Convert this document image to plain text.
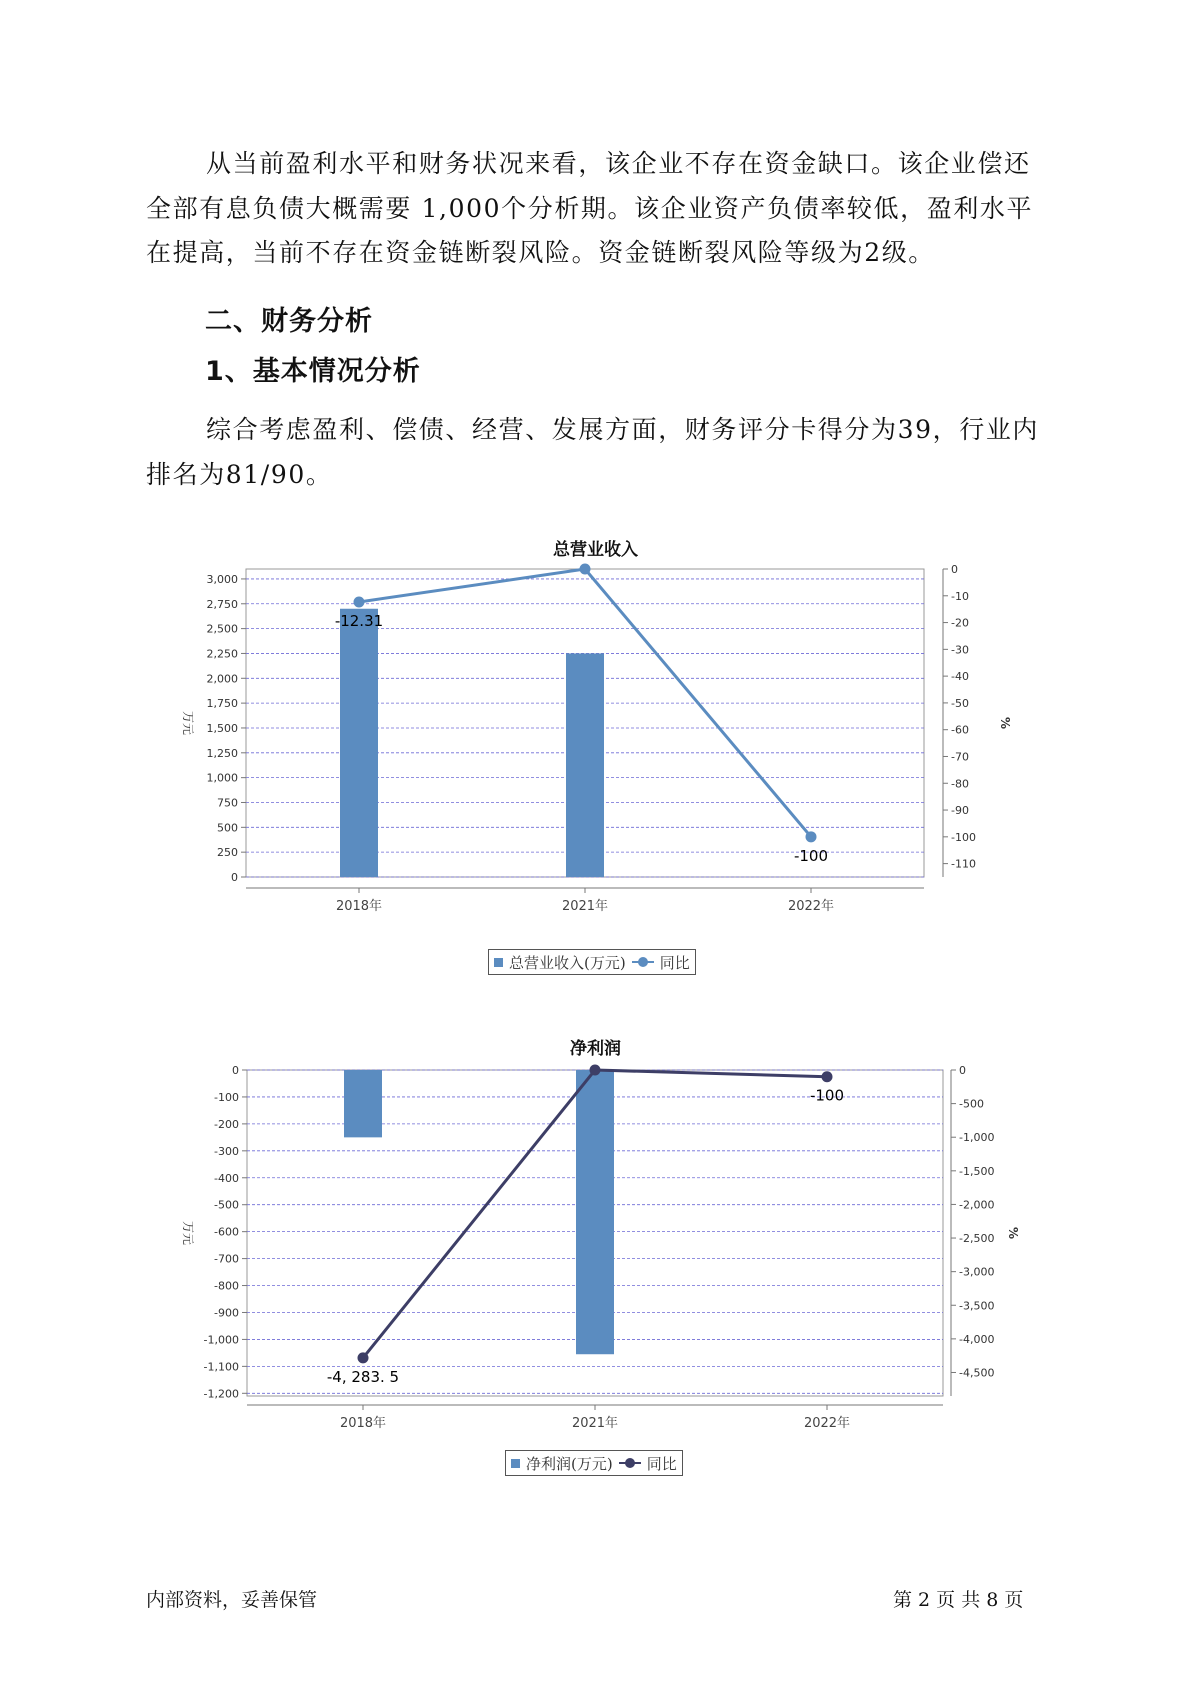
从当前盈利水平和财务状况来看，该企业不存在资金缺口。该企业偿还全部有息负债大概需要 1,000个分析期。该企业资产负债率较低，盈利水平在提高，当前不存在资金链断裂风险。资金链断裂风险等级为2级。

二、财务分析
1、基本情况分析

综合考虑盈利、偿债、经营、发展方面，财务评分卡得分为39，行业内排名为81/90。

总营业收入
0
250
500
750
1,000
1,250
1,500
1,750
2,000
2,250
2,500
2,750
3,000
0
-10
-20
-30
-40
-50
-60
-70
-80
-90
-100
-110
2018年	2021年	2022年
万元	%
-12.31
-100
总营业收入(万元) 同比
净利润
0
-100
-200
-300
-400
-500
-600
-700
-800
-900
-1,000
-1,100
-1,200
0
-500
-1,000
-1,500
-2,000
-2,500
-3,000
-3,500
-4,000
-4,500
2018年	2021年	2022年
万元	%
-4, 283. 5
-100
净利润(万元) 同比
内部资料，妥善保管	第 2 页 共 8 页
